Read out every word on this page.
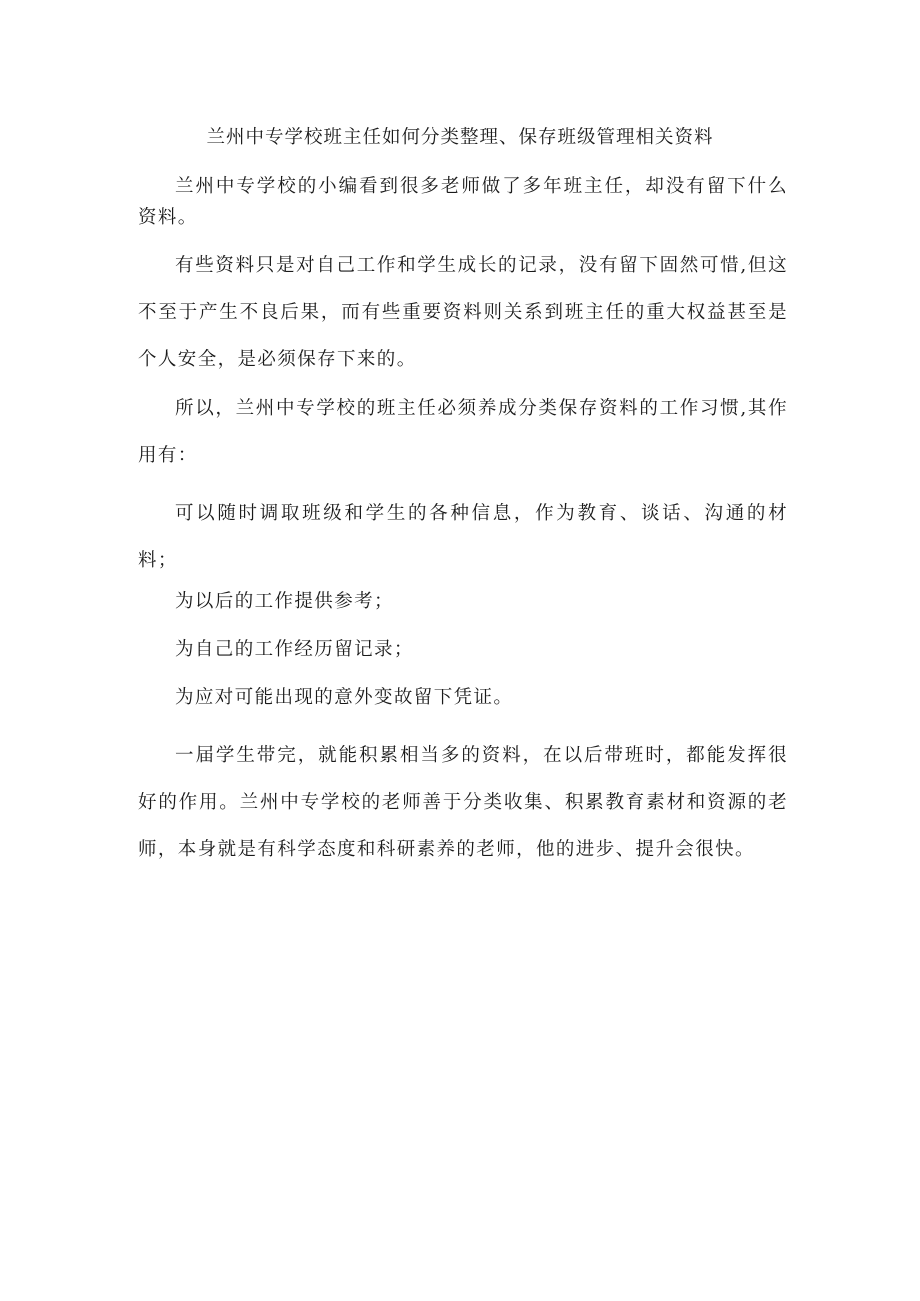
兰州中专学校班主任如何分类整理、保存班级管理相关资料

兰州中专学校的小编看到很多老师做了多年班主任，却没有留下什么资料。

有些资料只是对自己工作和学生成长的记录，没有留下固然可惜,但这不至于产生不良后果，而有些重要资料则关系到班主任的重大权益甚至是个人安全，是必须保存下来的。

所以，兰州中专学校的班主任必须养成分类保存资料的工作习惯,其作用有：

可以随时调取班级和学生的各种信息，作为教育、谈话、沟通的材料；

为以后的工作提供参考；

为自己的工作经历留记录；

为应对可能出现的意外变故留下凭证。

一届学生带完，就能积累相当多的资料，在以后带班时，都能发挥很好的作用。兰州中专学校的老师善于分类收集、积累教育素材和资源的老师，本身就是有科学态度和科研素养的老师，他的进步、提升会很快。
